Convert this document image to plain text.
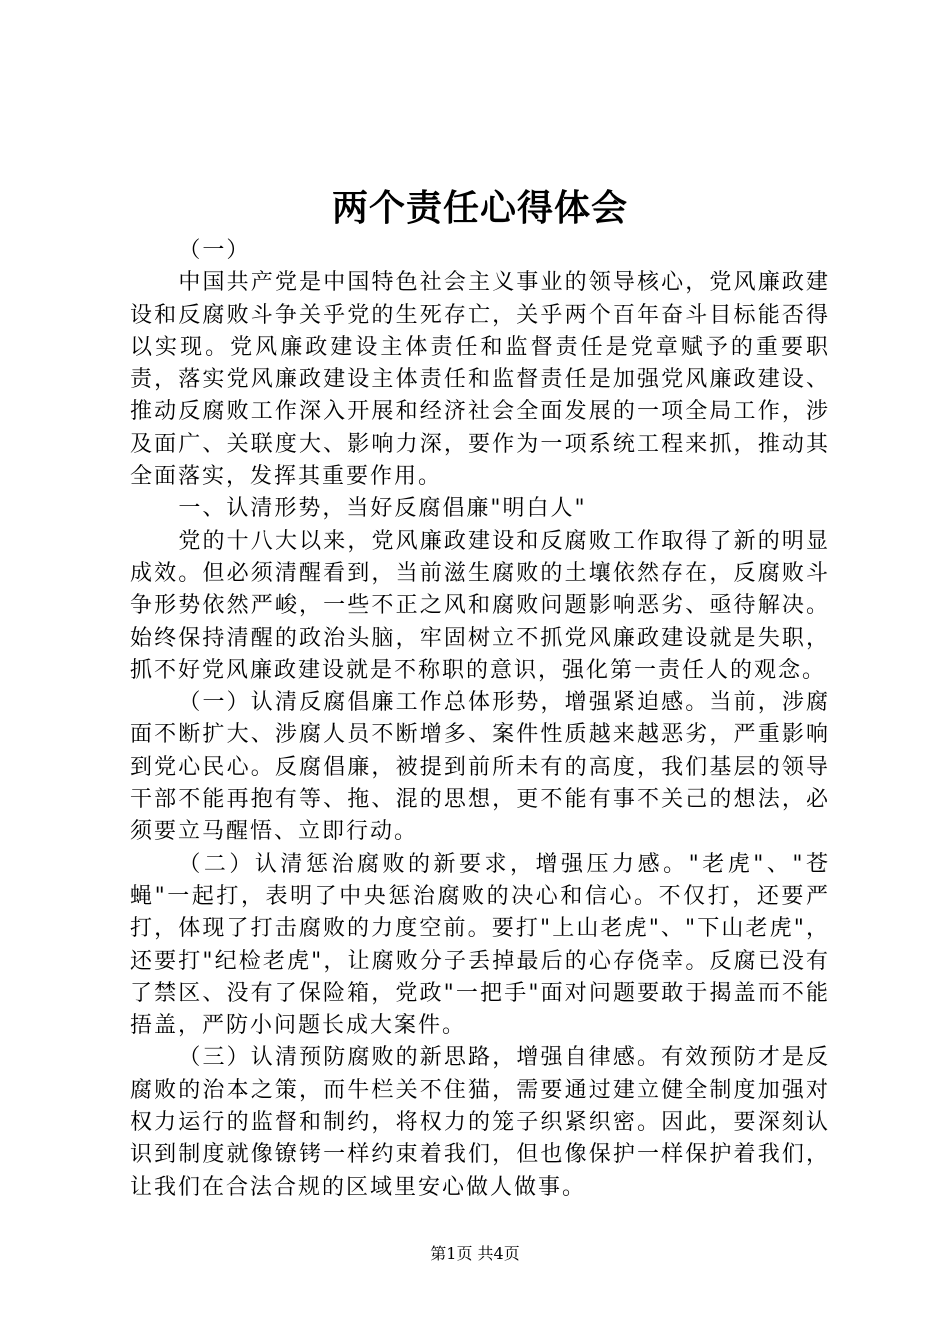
两个责任心得体会

（一）

中国共产党是中国特色社会主义事业的领导核心，党风廉政建设和反腐败斗争关乎党的生死存亡，关乎两个百年奋斗目标能否得以实现。党风廉政建设主体责任和监督责任是党章赋予的重要职责，落实党风廉政建设主体责任和监督责任是加强党风廉政建设、推动反腐败工作深入开展和经济社会全面发展的一项全局工作，涉及面广、关联度大、影响力深，要作为一项系统工程来抓，推动其全面落实，发挥其重要作用。

一、认清形势，当好反腐倡廉"明白人"

党的十八大以来，党风廉政建设和反腐败工作取得了新的明显成效。但必须清醒看到，当前滋生腐败的土壤依然存在，反腐败斗争形势依然严峻，一些不正之风和腐败问题影响恶劣、亟待解决。始终保持清醒的政治头脑，牢固树立不抓党风廉政建设就是失职，抓不好党风廉政建设就是不称职的意识，强化第一责任人的观念。

（一）认清反腐倡廉工作总体形势，增强紧迫感。当前，涉腐面不断扩大、涉腐人员不断增多、案件性质越来越恶劣，严重影响到党心民心。反腐倡廉，被提到前所未有的高度，我们基层的领导干部不能再抱有等、拖、混的思想，更不能有事不关己的想法，必须要立马醒悟、立即行动。

（二）认清惩治腐败的新要求，增强压力感。"老虎"、"苍蝇"一起打，表明了中央惩治腐败的决心和信心。不仅打，还要严打，体现了打击腐败的力度空前。要打"上山老虎"、"下山老虎"，还要打"纪检老虎"，让腐败分子丢掉最后的心存侥幸。反腐已没有了禁区、没有了保险箱，党政"一把手"面对问题要敢于揭盖而不能捂盖，严防小问题长成大案件。

（三）认清预防腐败的新思路，增强自律感。有效预防才是反腐败的治本之策，而牛栏关不住猫，需要通过建立健全制度加强对权力运行的监督和制约，将权力的笼子织紧织密。因此，要深刻认识到制度就像镣铐一样约束着我们，但也像保护一样保护着我们，让我们在合法合规的区域里安心做人做事。

第1页 共4页
